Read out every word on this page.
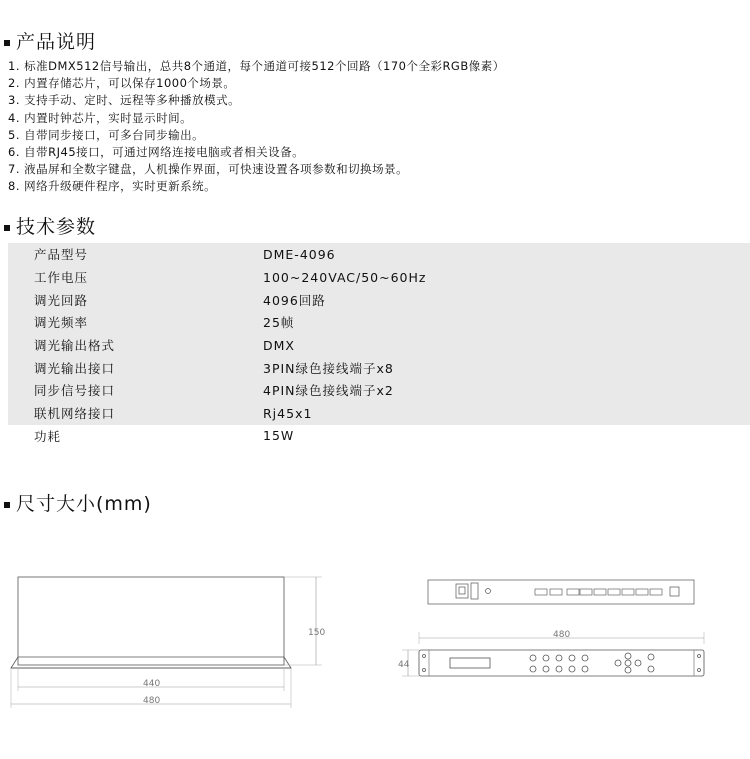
产品说明
1. 标准DMX512信号输出，总共8个通道，每个通道可接512个回路（170个全彩RGB像素）
2. 内置存储芯片，可以保存1000个场景。
3. 支持手动、定时、远程等多种播放模式。
4. 内置时钟芯片，实时显示时间。
5. 自带同步接口，可多台同步输出。
6. 自带RJ45接口，可通过网络连接电脑或者相关设备。
7. 液晶屏和全数字键盘，人机操作界面，可快速设置各项参数和切换场景。
8. 网络升级硬件程序，实时更新系统。
技术参数
产品型号	DME-4096
工作电压	100~240VAC/50~60Hz
调光回路	4096回路
调光频率	25帧
调光输出格式	DMX
调光输出接口	3PIN绿色接线端子x8
同步信号接口	4PIN绿色接线端子x2
联机网络接口	Rj45x1
功耗	15W
尺寸大小(mm)
150
440
480
480
44
